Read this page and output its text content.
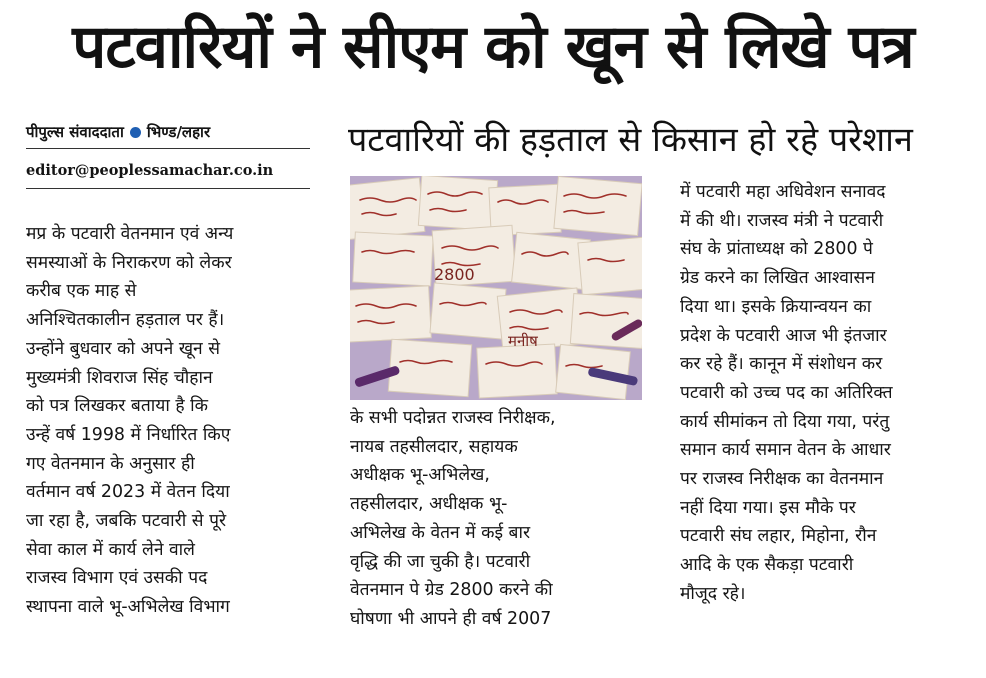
पटवारियों ने सीएम को खून से लिखे पत्र
पीपुल्स संवाददाता भिण्ड/लहार
editor@peoplessamachar.co.in
पटवारियों की हड़ताल से किसान हो रहे परेशान
2800
मनीष
मप्र के पटवारी वेतनमान एवं अन्य
समस्याओं के निराकरण को लेकर
करीब एक माह से
अनिश्चितकालीन हड़ताल पर हैं।
उन्होंने बुधवार को अपने खून से
मुख्यमंत्री शिवराज सिंह चौहान
को पत्र लिखकर बताया है कि
उन्हें वर्ष 1998 में निर्धारित किए
गए वेतनमान के अनुसार ही
वर्तमान वर्ष 2023 में वेतन दिया
जा रहा है, जबकि पटवारी से पूरे
सेवा काल में कार्य लेने वाले
राजस्व विभाग एवं उसकी पद
स्थापना वाले भू-अभिलेख विभाग
के सभी पदोन्नत राजस्व निरीक्षक,
नायब तहसीलदार, सहायक
अधीक्षक भू-अभिलेख,
तहसीलदार, अधीक्षक भू-
अभिलेख के वेतन में कई बार
वृद्धि की जा चुकी है। पटवारी
वेतनमान पे ग्रेड 2800 करने की
घोषणा भी आपने ही वर्ष 2007
में पटवारी महा अधिवेशन सनावद
में की थी। राजस्व मंत्री ने पटवारी
संघ के प्रांताध्यक्ष को 2800 पे
ग्रेड करने का लिखित आश्वासन
दिया था। इसके क्रियान्वयन का
प्रदेश के पटवारी आज भी इंतजार
कर रहे हैं। कानून में संशोधन कर
पटवारी को उच्च पद का अतिरिक्त
कार्य सीमांकन तो दिया गया, परंतु
समान कार्य समान वेतन के आधार
पर राजस्व निरीक्षक का वेतनमान
नहीं दिया गया। इस मौके पर
पटवारी संघ लहार, मिहोना, रौन
आदि के एक सैकड़ा पटवारी
मौजूद रहे।
